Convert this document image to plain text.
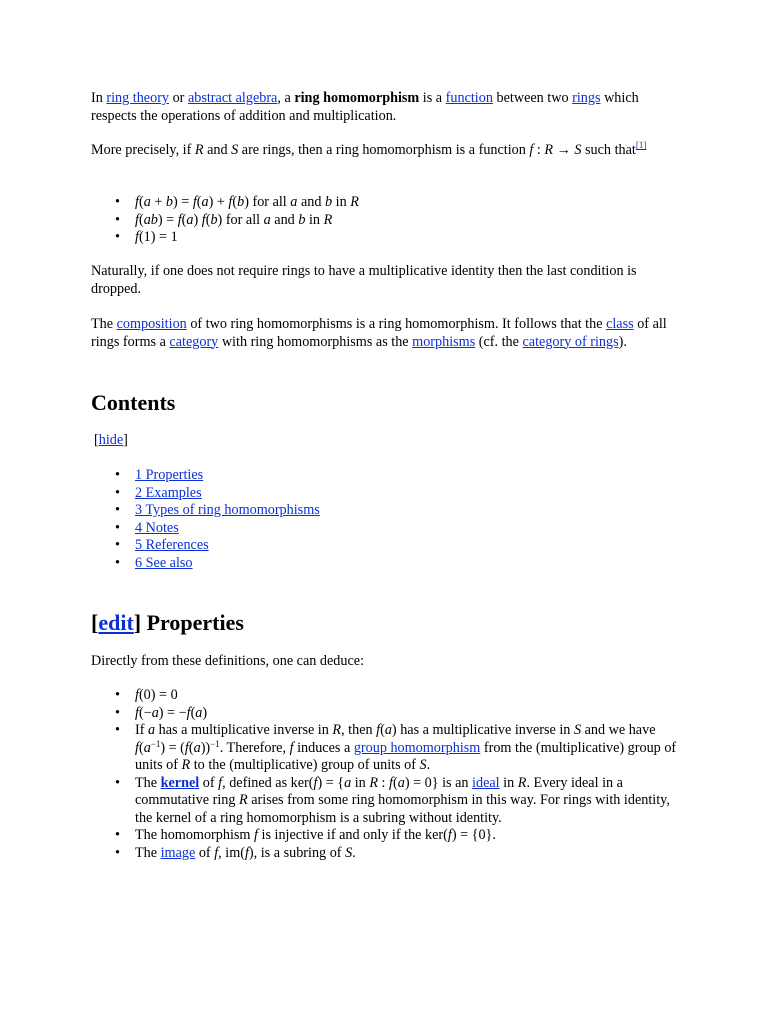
In ring theory or abstract algebra, a ring homomorphism is a function between two rings which respects the operations of addition and multiplication.

More precisely, if R and S are rings, then a ring homomorphism is a function f : R → S such that[1]

• f(a + b) = f(a) + f(b) for all a and b in R
• f(ab) = f(a) f(b) for all a and b in R
• f(1) = 1

Naturally, if one does not require rings to have a multiplicative identity then the last condition is dropped.

The composition of two ring homomorphisms is a ring homomorphism. It follows that the class of all rings forms a category with ring homomorphisms as the morphisms (cf. the category of rings).

Contents

[hide]

• 1 Properties
• 2 Examples
• 3 Types of ring homomorphisms
• 4 Notes
• 5 References
• 6 See also
[edit] Properties

Directly from these definitions, one can deduce:

• f(0) = 0
• f(−a) = −f(a)
• If a has a multiplicative inverse in R, then f(a) has a multiplicative inverse in S and we have $f(a^{-1}) = (f(a))^{-1}$. Therefore, f induces a group homomorphism from the (multiplicative) group of units of R to the (multiplicative) group of units of S.
• The kernel of f, defined as ker(f) = {a in R : f(a) = 0} is an ideal in R. Every ideal in a commutative ring R arises from some ring homomorphism in this way. For rings with identity, the kernel of a ring homomorphism is a subring without identity.
• The homomorphism f is injective if and only if the ker(f) = {0}.
• The image of f, im(f), is a subring of S.
